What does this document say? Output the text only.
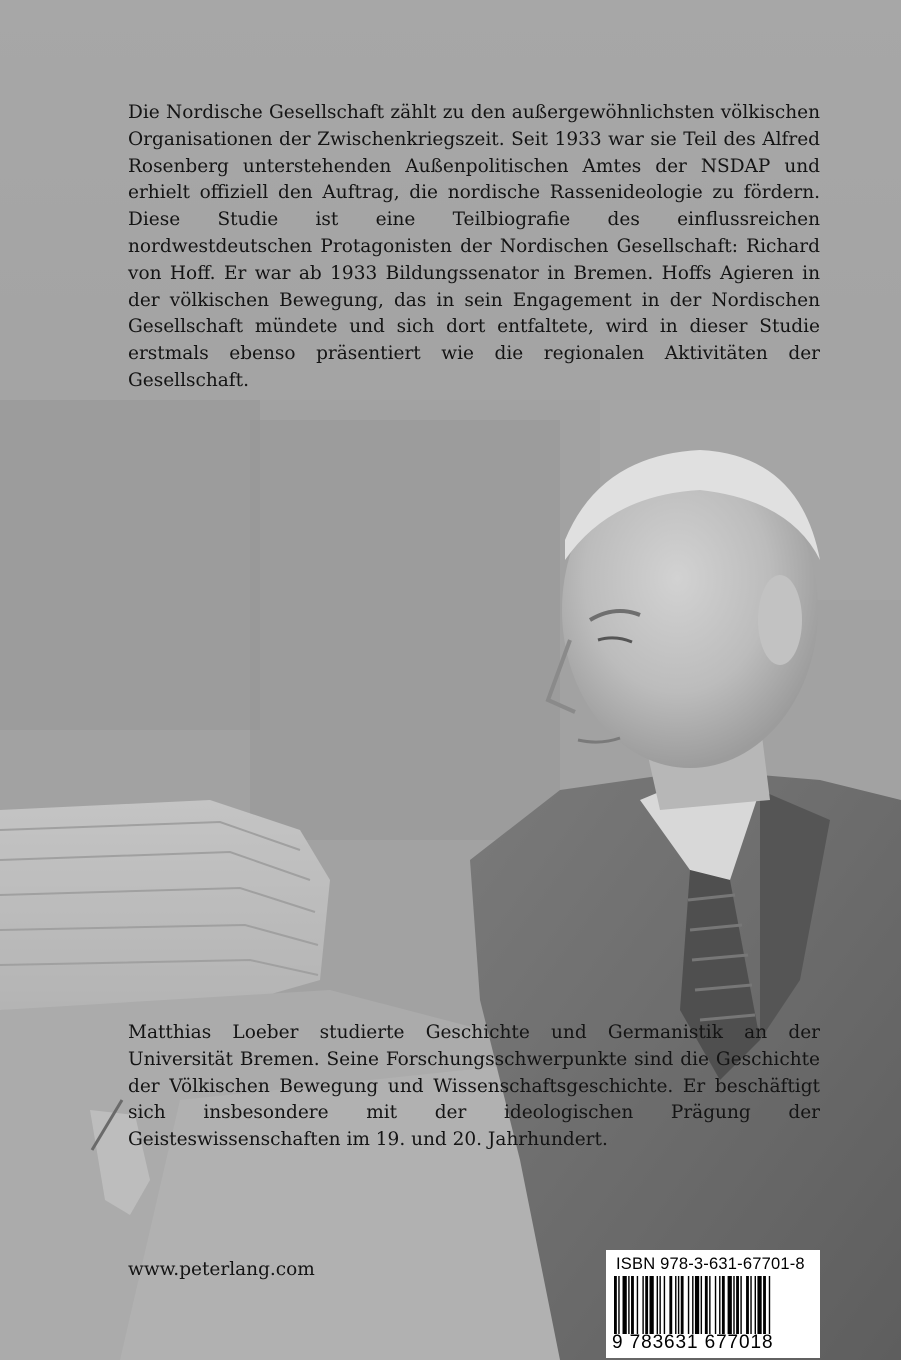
Die Nordische Gesellschaft zählt zu den außergewöhnlichsten völkischen Organisationen der Zwischenkriegszeit. Seit 1933 war sie Teil des Alfred Rosenberg unterstehenden Außenpolitischen Amtes der NSDAP und erhielt offiziell den Auftrag, die nordische Rassenideologie zu fördern. Diese Studie ist eine Teilbiografie des einflussreichen nordwestdeutschen Protagonisten der Nordischen Gesellschaft: Richard von Hoff. Er war ab 1933 Bildungssenator in Bremen. Hoffs Agieren in der völkischen Bewegung, das in sein Engagement in der Nordischen Gesellschaft mündete und sich dort entfaltete, wird in dieser Studie erstmals ebenso präsentiert wie die regionalen Aktivitäten der Gesellschaft.
Matthias Loeber studierte Geschichte und Germanistik an der Universität Bremen. Seine Forschungsschwerpunkte sind die Geschichte der Völkischen Bewegung und Wissenschaftsgeschichte. Er beschäftigt sich insbesondere mit der ideologischen Prägung der Geisteswissenschaften im 19. und 20. Jahrhundert.
www.peterlang.com	ISBN 978-3-631-67701-8
9 783631 677018
